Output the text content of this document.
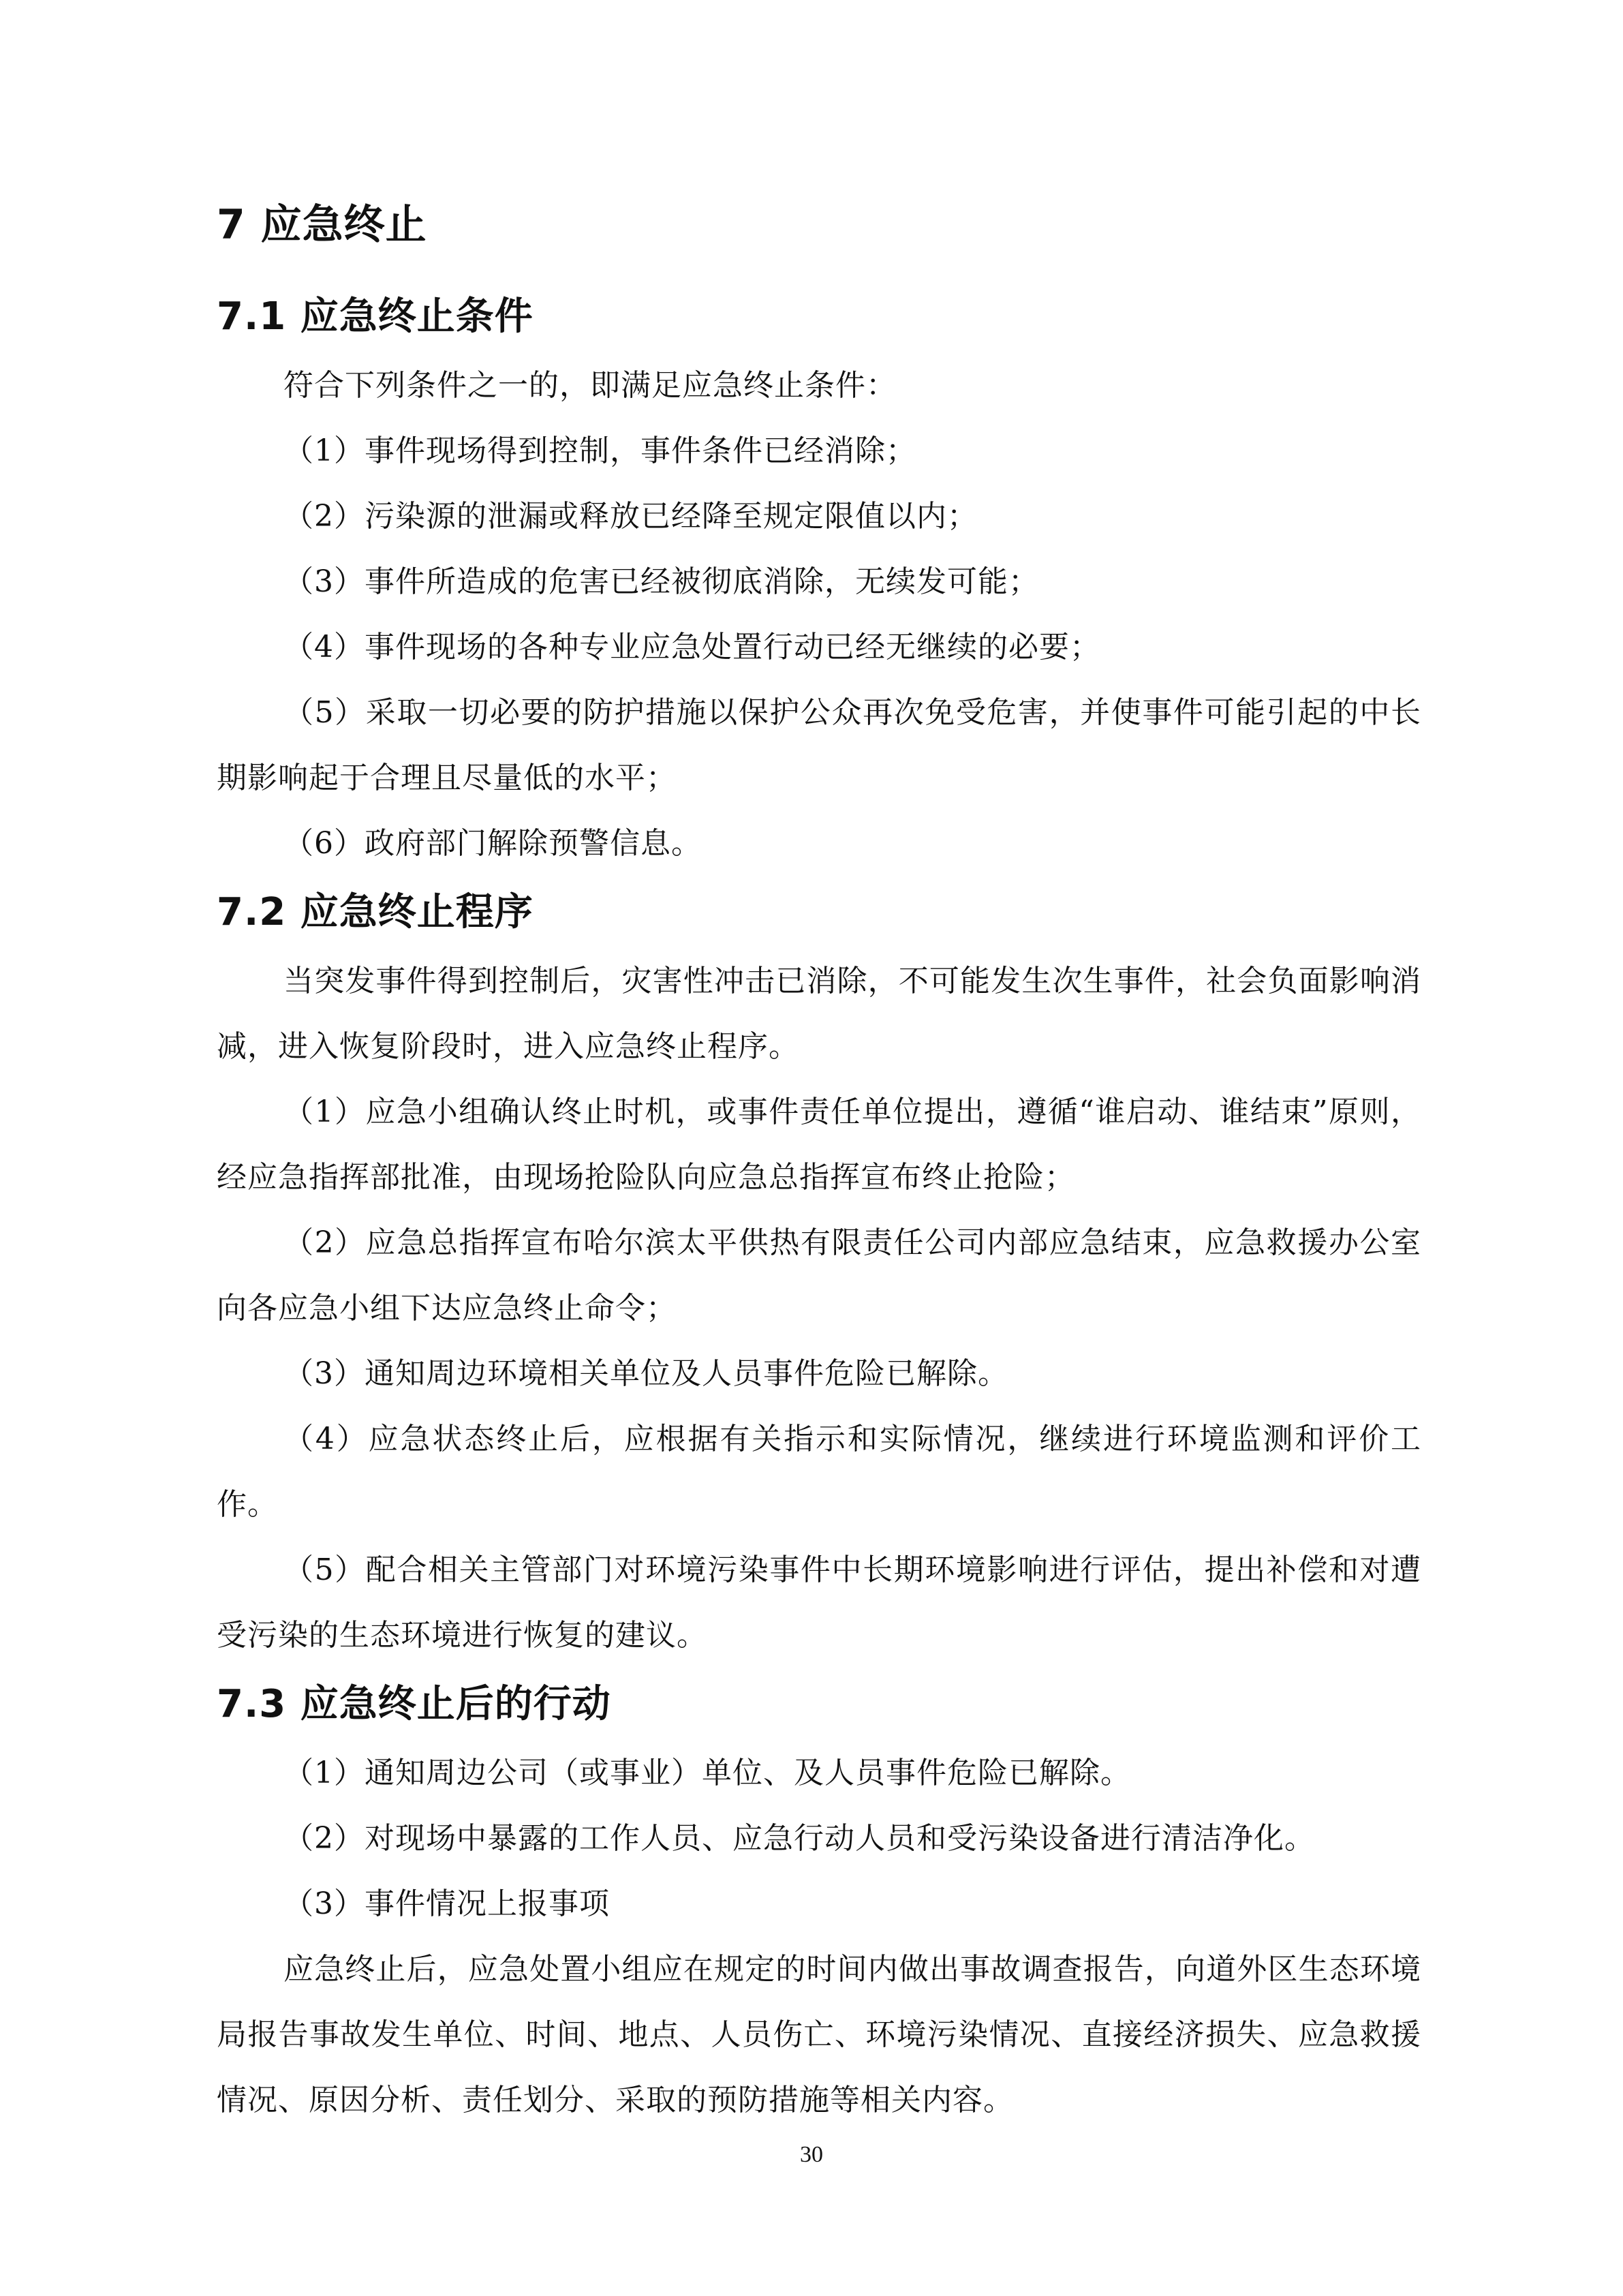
7 应急终止
7.1 应急终止条件

符合下列条件之一的，即满足应急终止条件：

（1）事件现场得到控制，事件条件已经消除；

（2）污染源的泄漏或释放已经降至规定限值以内；

（3）事件所造成的危害已经被彻底消除，无续发可能；

（4）事件现场的各种专业应急处置行动已经无继续的必要；

（5）采取一切必要的防护措施以保护公众再次免受危害，并使事件可能引起的中长期影响起于合理且尽量低的水平；

（6）政府部门解除预警信息。

7.2 应急终止程序

当突发事件得到控制后，灾害性冲击已消除，不可能发生次生事件，社会负面影响消减，进入恢复阶段时，进入应急终止程序。

（1）应急小组确认终止时机，或事件责任单位提出，遵循“谁启动、谁结束”原则，经应急指挥部批准，由现场抢险队向应急总指挥宣布终止抢险；

（2）应急总指挥宣布哈尔滨太平供热有限责任公司内部应急结束，应急救援办公室向各应急小组下达应急终止命令；

（3）通知周边环境相关单位及人员事件危险已解除。

（4）应急状态终止后，应根据有关指示和实际情况，继续进行环境监测和评价工作。

（5）配合相关主管部门对环境污染事件中长期环境影响进行评估，提出补偿和对遭受污染的生态环境进行恢复的建议。

7.3 应急终止后的行动

（1）通知周边公司（或事业）单位、及人员事件危险已解除。

（2）对现场中暴露的工作人员、应急行动人员和受污染设备进行清洁净化。

（3）事件情况上报事项

应急终止后，应急处置小组应在规定的时间内做出事故调查报告，向道外区生态环境局报告事故发生单位、时间、地点、人员伤亡、环境污染情况、直接经济损失、应急救援情况、原因分析、责任划分、采取的预防措施等相关内容。

30
